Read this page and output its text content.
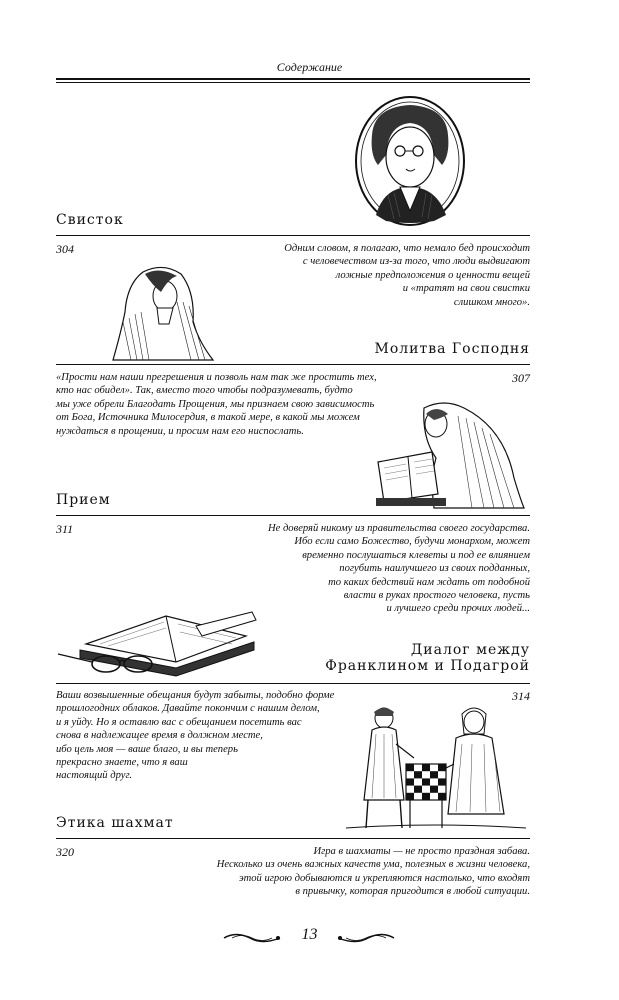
Содержание
Свисток
304	Одним словом, я полагаю, что немало бед происходит
с человечеством из-за того, что люди выдвигают
ложные предположения о ценности вещей
и «тратят на свои свистки
слишком много».
Молитва Господня
307
«Прости нам наши прегрешения и позволь нам так же простить тех,
кто нас обидел». Так, вместо того чтобы подразумевать, будто
мы уже обрели Благодать Прощения, мы признаем свою зависимость
от Бога, Источника Милосердия, в такой мере, в какой мы можем
нуждаться в прощении, и просим нам его ниспослать.
Прием
311	Не доверяй никому из правительства своего государства.
Ибо если само Божество, будучи монархом, может
временно послушаться клеветы и под ее влиянием
погубить наилучшего из своих подданных,
то каких бедствий нам ждать от подобной
власти в руках простого человека, пусть
и лучшего среди прочих людей...
Диалог между
Франклином и Подагрой
314
Ваши возвышенные обещания будут забыты, подобно форме
прошлогодних облаков. Давайте покончим с нашим делом,
и я уйду. Но я оставлю вас с обещанием посетить вас
снова в надлежащее время в должном месте,
ибо цель моя — ваше благо, и вы теперь
прекрасно знаете, что я ваш
настоящий друг.
Этика шахмат
320	Игра в шахматы — не просто праздная забава.
Несколько из очень важных качеств ума, полезных в жизни человека,
этой игрою добываются и укрепляются настолько, что входят
в привычку, которая пригодится в любой ситуации.
13
